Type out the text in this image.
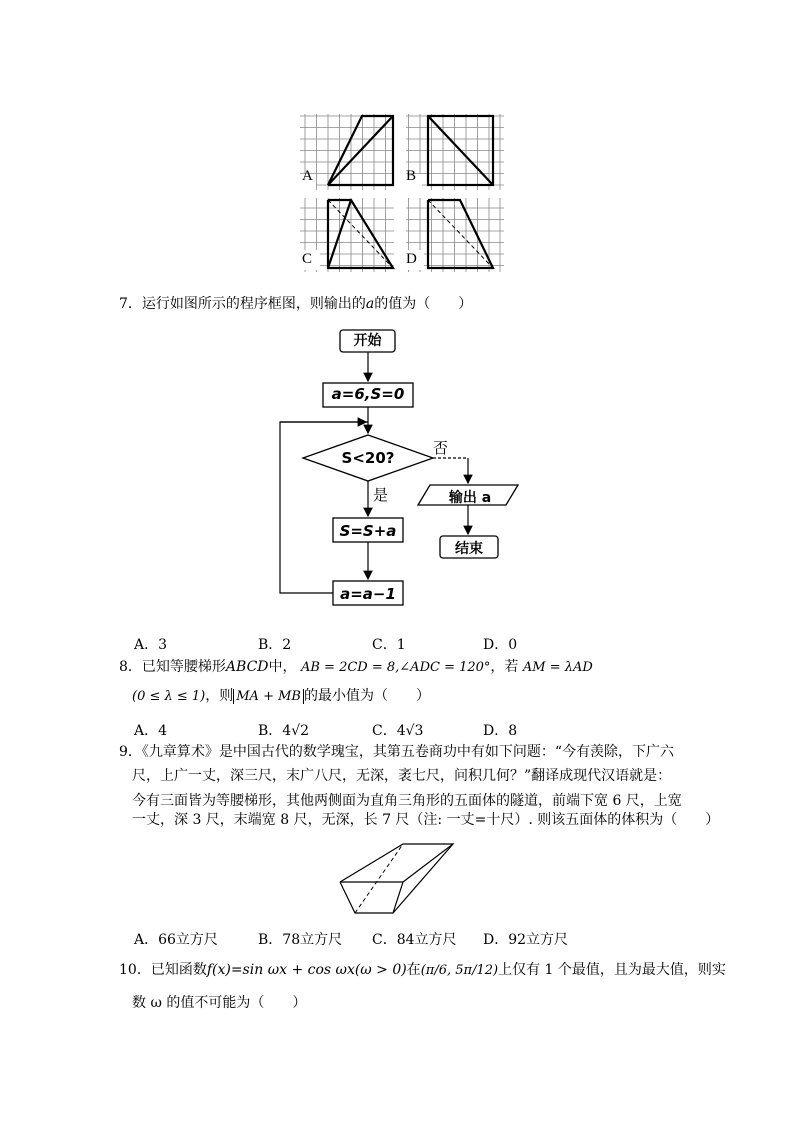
A	B
C	D
7．运行如图所示的程序框图，则输出的a的值为（　　）
开始
a=6,S=0
S<20?
否
是
S=S+a
a=a−1
输出 a
结束
A．3	B．2	C．1	D．0
8．已知等腰梯形ABCD中， AB = 2CD = 8,∠ADC = 120°，若 AM = λAD
(0 ≤ λ ≤ 1)，则 MA + MB 的最小值为（　　）
A．4	B．4√2	C．4√3	D．8
9．《九章算术》是中国古代的数学瑰宝，其第五卷商功中有如下问题：“今有羡除，下广六
尺，上广一丈，深三尺，末广八尺，无深，袤七尺，问积几何？”翻译成现代汉语就是：
今有三面皆为等腰梯形，其他两侧面为直角三角形的五面体的隧道，前端下宽 6 尺，上宽
一丈，深 3 尺，末端宽 8 尺，无深，长 7 尺（注: 一丈=十尺）. 则该五面体的体积为（　　）
A．66立方尺	B．78立方尺 C．84立方尺 D．92立方尺
10．已知函数f(x)=sin ωx + cos ωx(ω > 0)在(π/6, 5π/12)上仅有 1 个最值，且为最大值，则实
数 ω 的值不可能为（　　）
